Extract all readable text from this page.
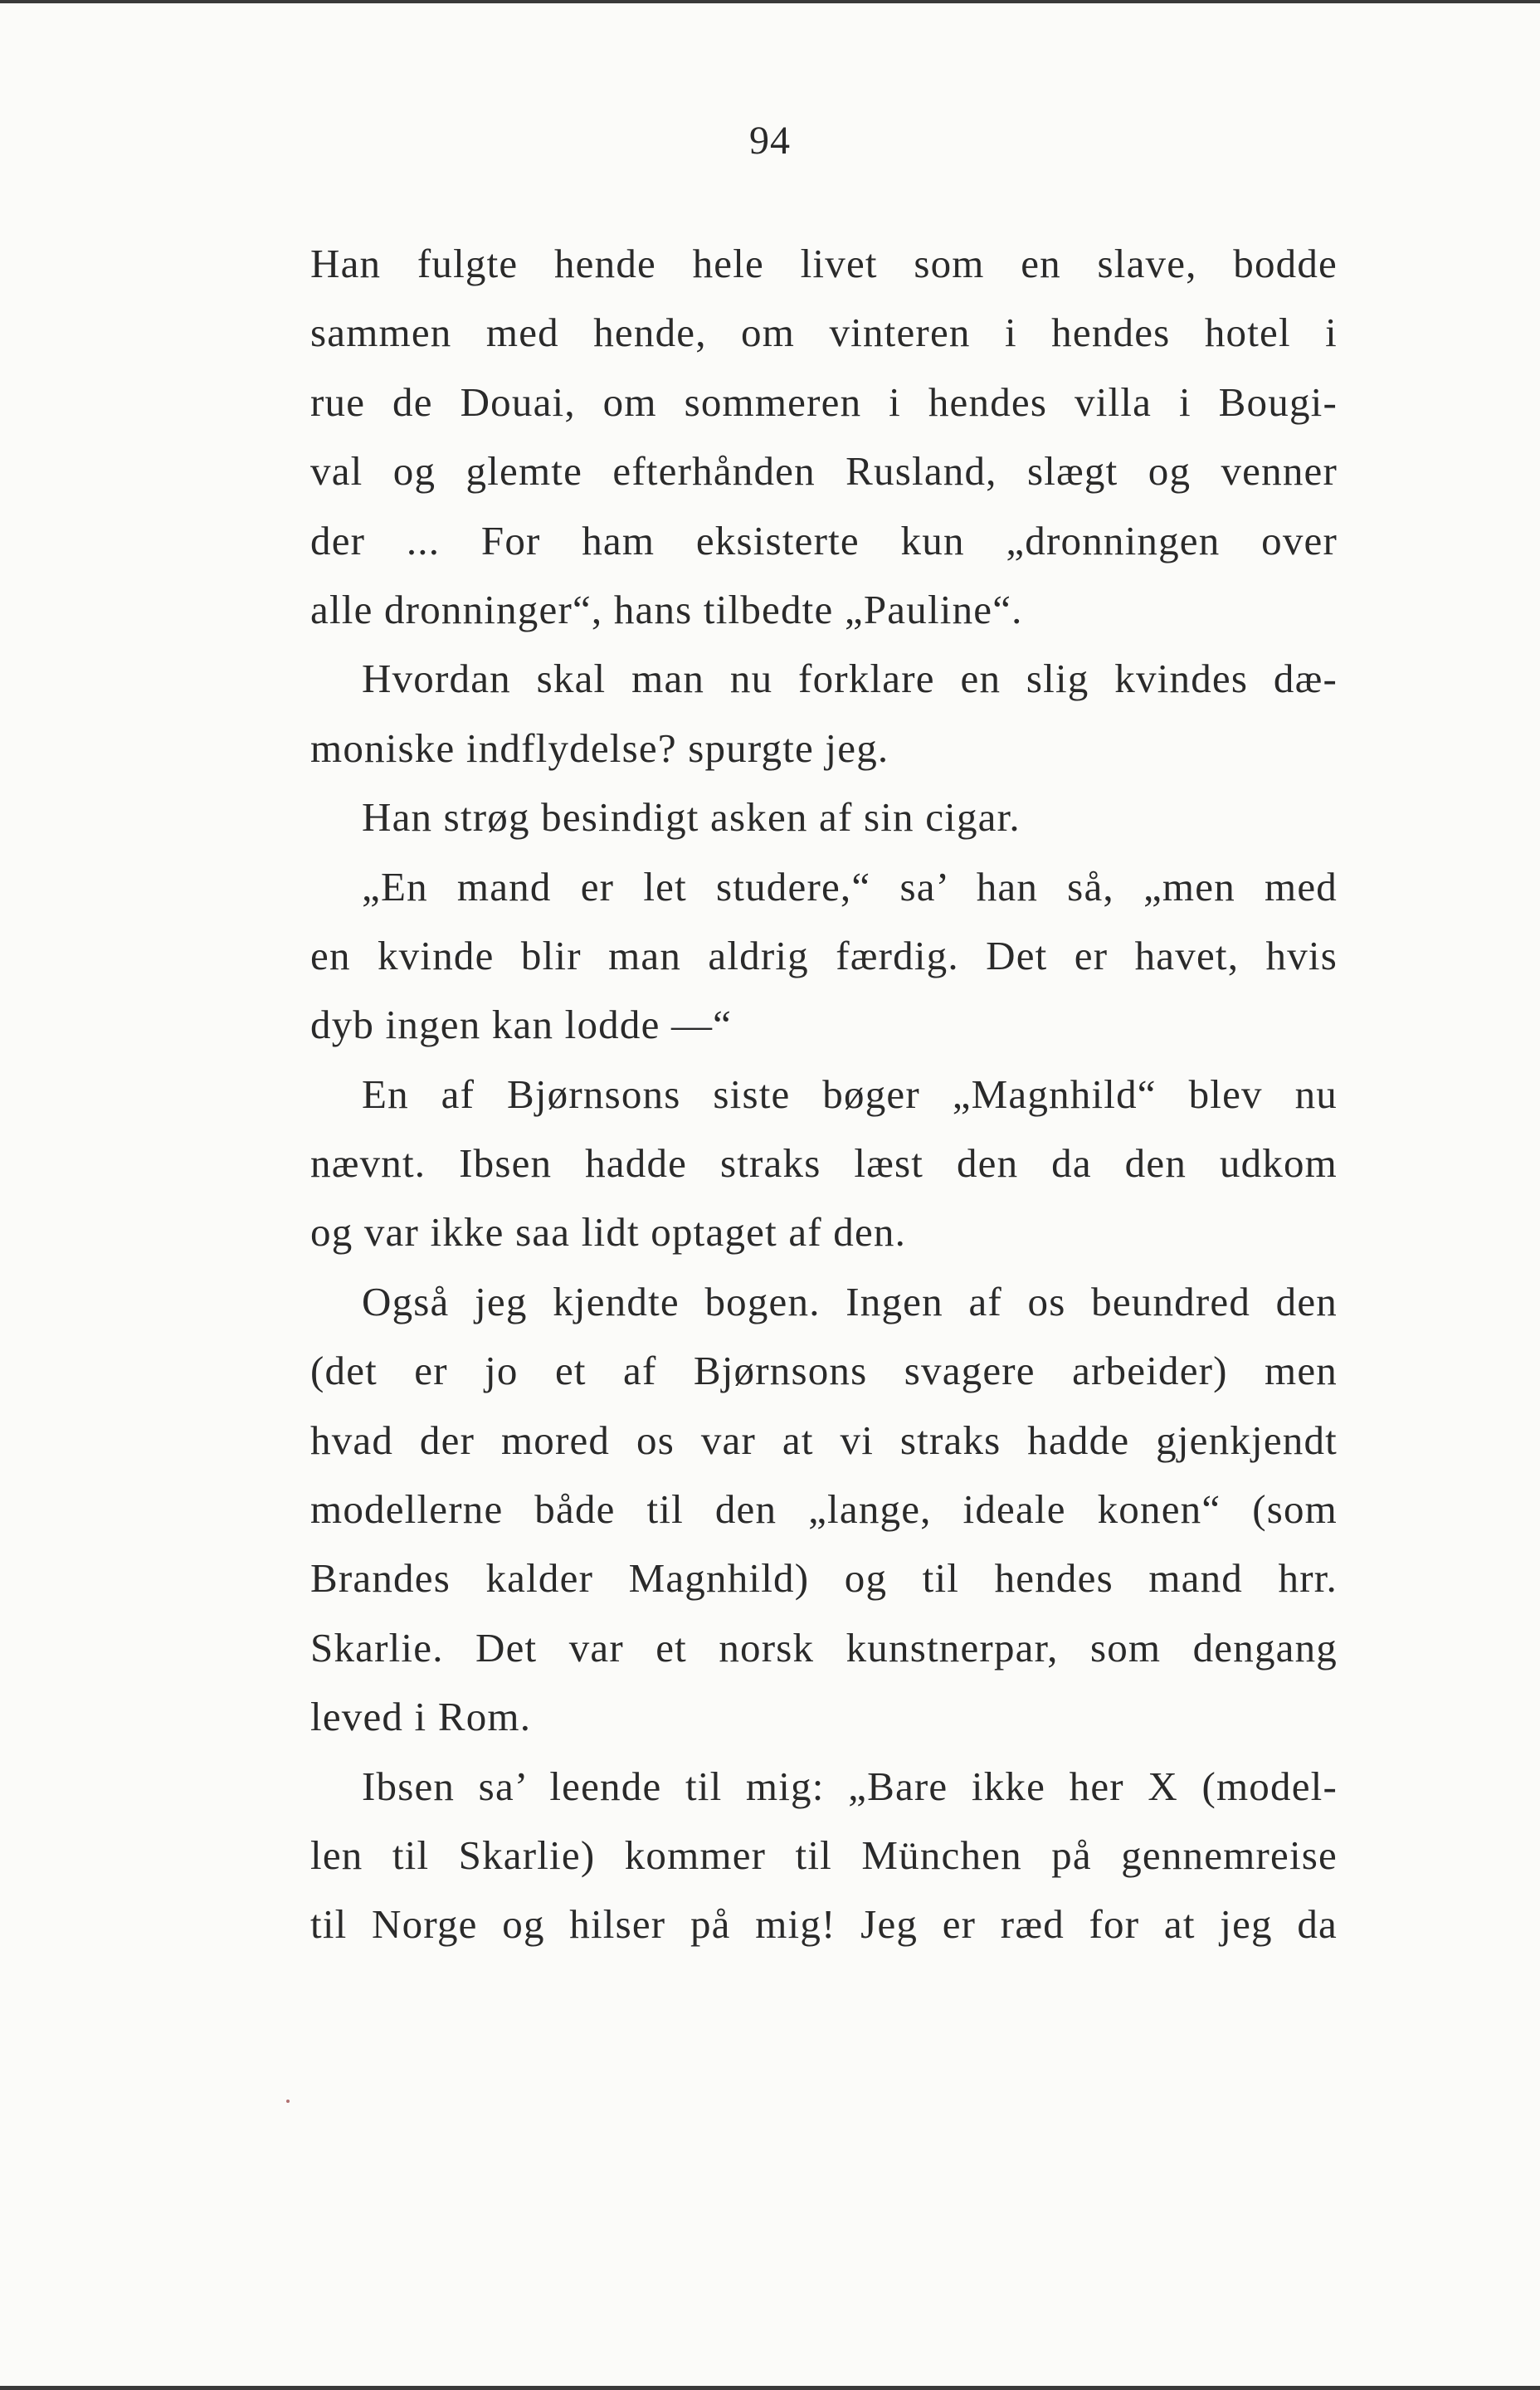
94
Han fulgte hende hele livet som en slave, bodde
sammen med hende, om vinteren i hendes hotel i
rue de Douai, om sommeren i hendes villa i Bougi-
val og glemte efterhånden Rusland, slægt og venner
der ... For ham eksisterte kun „dronningen over
alle dronninger“, hans tilbedte „Pauline“.
Hvordan skal man nu forklare en slig kvindes dæ-
moniske indflydelse? spurgte jeg.
Han strøg besindigt asken af sin cigar.
„En mand er let studere,“ sa’ han så, „men med
en kvinde blir man aldrig færdig. Det er havet, hvis
dyb ingen kan lodde —“
En af Bjørnsons siste bøger „Magnhild“ blev nu
nævnt. Ibsen hadde straks læst den da den udkom
og var ikke saa lidt optaget af den.
Også jeg kjendte bogen. Ingen af os beundred den
(det er jo et af Bjørnsons svagere arbeider) men
hvad der mored os var at vi straks hadde gjenkjendt
modellerne både til den „lange, ideale konen“ (som
Brandes kalder Magnhild) og til hendes mand hrr.
Skarlie. Det var et norsk kunstnerpar, som dengang
leved i Rom.
Ibsen sa’ leende til mig: „Bare ikke her X (model-
len til Skarlie) kommer til München på gennemreise
til Norge og hilser på mig! Jeg er ræd for at jeg da
